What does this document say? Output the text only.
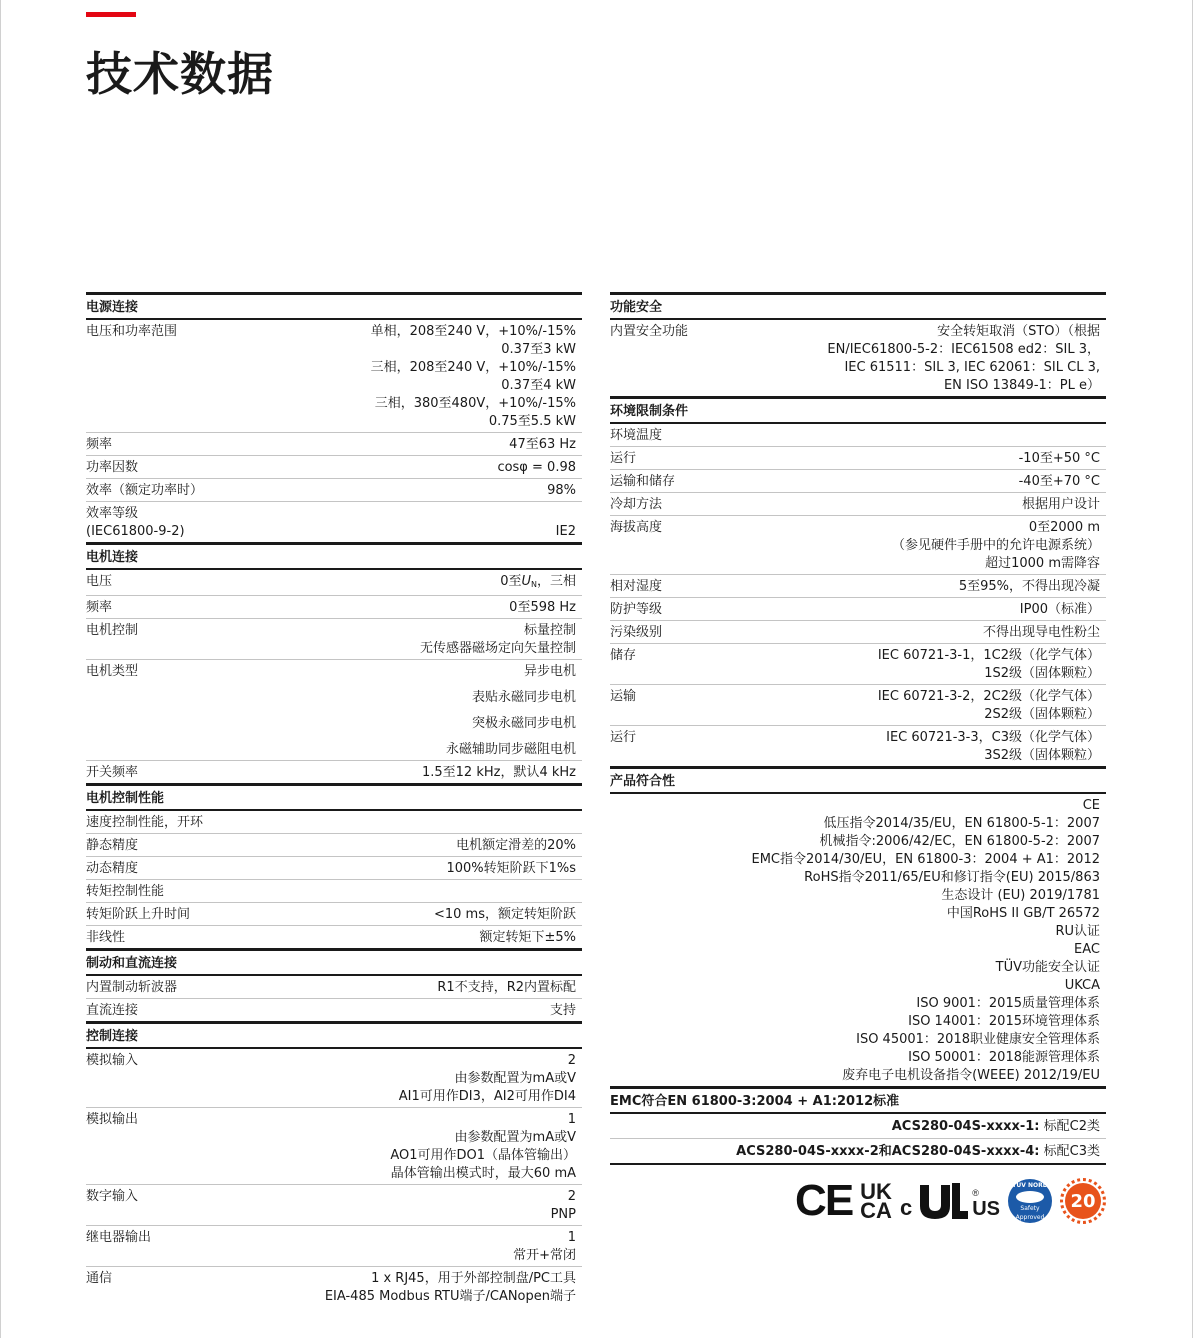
技术数据
电源连接
电压和功率范围	单相，208至240 V，+10%/-15%
0.37至3 kW
三相，208至240 V，+10%/-15%
0.37至4 kW
三相，380至480V，+10%/-15%
0.75至5.5 kW
频率	47至63 Hz
功率因数	cosφ = 0.98
效率（额定功率时）	98%
效率等级
(IEC61800-9-2)	IE2
电机连接
电压	0至$U_N$，三相
频率	0至598 Hz
电机控制	标量控制
无传感器磁场定向矢量控制
电机类型	异步电机
表贴永磁同步电机
突极永磁同步电机
永磁辅助同步磁阻电机
开关频率	1.5至12 kHz，默认4 kHz
电机控制性能
速度控制性能，开环
静态精度	电机额定滑差的20%
动态精度	100%转矩阶跃下1%s
转矩控制性能
转矩阶跃上升时间	<10 ms，额定转矩阶跃
非线性	额定转矩下±5%
制动和直流连接
内置制动斩波器	R1不支持，R2内置标配
直流连接	支持
控制连接
模拟输入	2
由参数配置为mA或V
AI1可用作DI3，AI2可用作DI4
模拟输出	1
由参数配置为mA或V
AO1可用作DO1（晶体管输出）
晶体管输出模式时，最大60 mA
数字输入	2
PNP
继电器输出	1
常开+常闭
通信	1 x RJ45，用于外部控制盘/PC工具
EIA-485 Modbus RTU端子/CANopen端子
功能安全
内置安全功能	安全转矩取消（STO）（根据
EN/IEC61800-5-2：IEC61508 ed2：SIL 3，
IEC 61511：SIL 3, IEC 62061：SIL CL 3,
EN ISO 13849-1：PL e）
环境限制条件
环境温度
运行	-10至+50 °C
运输和储存	-40至+70 °C
冷却方法	根据用户设计
海拔高度	0至2000 m
（参见硬件手册中的允许电源系统）
超过1000 m需降容
相对湿度	5至95%，不得出现冷凝
防护等级	IP00（标准）
污染级别	不得出现导电性粉尘
储存	IEC 60721-3-1，1C2级（化学气体）
1S2级（固体颗粒）
运输	IEC 60721-3-2，2C2级（化学气体）
2S2级（固体颗粒）
运行	IEC 60721-3-3，C3级（化学气体）
3S2级（固体颗粒）
产品符合性
CE
低压指令2014/35/EU，EN 61800-5-1：2007
机械指令:2006/42/EC，EN 61800-5-2：2007
EMC指令2014/30/EU，EN 61800-3：2004 + A1：2012
RoHS指令2011/65/EU和修订指令(EU) 2015/863
生态设计 (EU) 2019/1781
中国RoHS II GB/T 26572
RU认证
EAC
TÜV功能安全认证
UKCA
ISO 9001：2015质量管理体系
ISO 14001：2015环境管理体系
ISO 45001：2018职业健康安全管理体系
ISO 50001：2018能源管理体系
废弃电子电机设备指令(WEEE) 2012/19/EU
EMC符合EN 61800-3:2004 + A1:2012标准
ACS280-04S-xxxx-1: 标配C2类
ACS280-04S-xxxx-2和ACS280-04S-xxxx-4: 标配C3类
CE UK
CA c
®
US
TÜV NORD
Safety Approved
20
